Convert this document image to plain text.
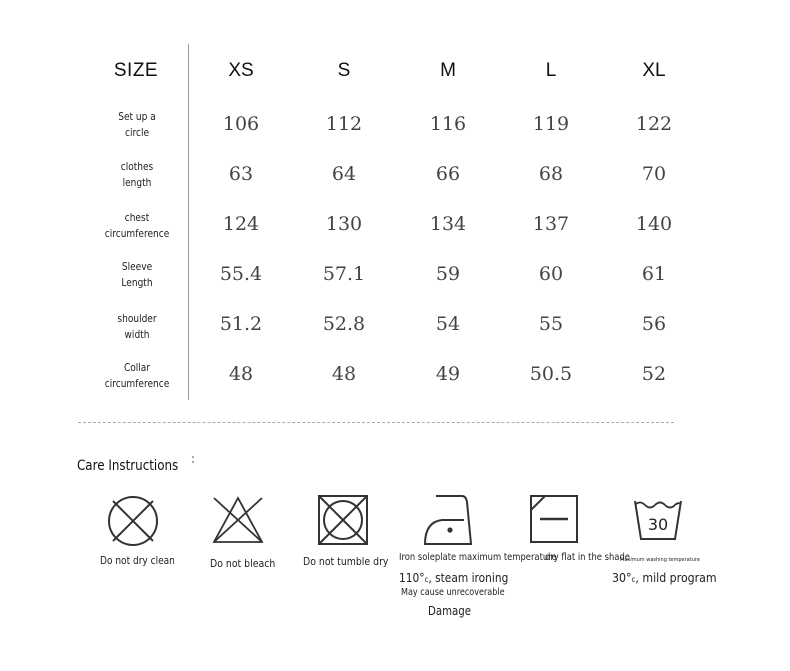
SIZE	XS	S	M	L	XL
Set up a
circle	106	112	116	119	122
clothes
length	63	64	66	68	70
chest
circumference	124	130	134	137	140
Sleeve
Length	55.4	57.1	59	60	61
shoulder
width	51.2	52.8	54	55	56
Collar
circumference	48	48	49	50.5	52
Care Instructions
Do not dry clean	Do not bleach	Do not tumble dry Iron soleplate maximum temperature
110°c, steam ironing
May cause unrecoverable
Damage
dry flat in the shade
30
Maximum washing temperature
30°c, mild program
